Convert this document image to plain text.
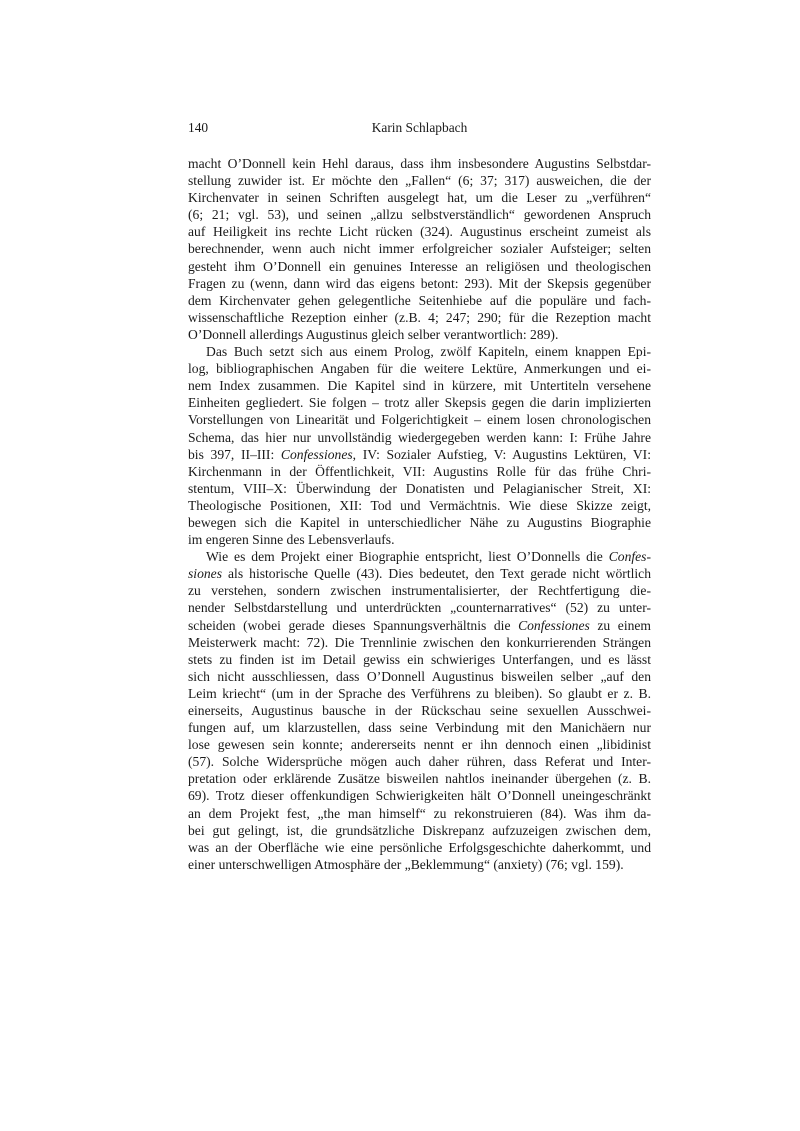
140	Karin Schlapbach

macht O’Donnell kein Hehl daraus, dass ihm insbesondere Augustins Selbstdar-
stellung zuwider ist. Er möchte den „Fallen“ (6; 37; 317) ausweichen, die der
Kirchenvater in seinen Schriften ausgelegt hat, um die Leser zu „verführen“
(6; 21; vgl. 53), und seinen „allzu selbstverständlich“ gewordenen Anspruch
auf Heiligkeit ins rechte Licht rücken (324). Augustinus erscheint zumeist als
berechnender, wenn auch nicht immer erfolgreicher sozialer Aufsteiger; selten
gesteht ihm O’Donnell ein genuines Interesse an religiösen und theologischen
Fragen zu (wenn, dann wird das eigens betont: 293). Mit der Skepsis gegenüber
dem Kirchenvater gehen gelegentliche Seitenhiebe auf die populäre und fach-
wissenschaftliche Rezeption einher (z.B. 4; 247; 290; für die Rezeption macht
O’Donnell allerdings Augustinus gleich selber verantwortlich: 289).

Das Buch setzt sich aus einem Prolog, zwölf Kapiteln, einem knappen Epi-
log, bibliographischen Angaben für die weitere Lektüre, Anmerkungen und ei-
nem Index zusammen. Die Kapitel sind in kürzere, mit Untertiteln versehene
Einheiten gegliedert. Sie folgen – trotz aller Skepsis gegen die darin implizierten
Vorstellungen von Linearität und Folgerichtigkeit – einem losen chronologischen
Schema, das hier nur unvollständig wiedergegeben werden kann: I: Frühe Jahre
bis 397, II–III: Confessiones, IV: Sozialer Aufstieg, V: Augustins Lektüren, VI:
Kirchenmann in der Öffentlichkeit, VII: Augustins Rolle für das frühe Chri-
stentum, VIII–X: Überwindung der Donatisten und Pelagianischer Streit, XI:
Theologische Positionen, XII: Tod und Vermächtnis. Wie diese Skizze zeigt,
bewegen sich die Kapitel in unterschiedlicher Nähe zu Augustins Biographie
im engeren Sinne des Lebensverlaufs.

Wie es dem Projekt einer Biographie entspricht, liest O’Donnells die Confes-
siones als historische Quelle (43). Dies bedeutet, den Text gerade nicht wörtlich
zu verstehen, sondern zwischen instrumentalisierter, der Rechtfertigung die-
nender Selbstdarstellung und unterdrückten „counternarratives“ (52) zu unter-
scheiden (wobei gerade dieses Spannungsverhältnis die Confessiones zu einem
Meisterwerk macht: 72). Die Trennlinie zwischen den konkurrierenden Strängen
stets zu finden ist im Detail gewiss ein schwieriges Unterfangen, und es lässt
sich nicht ausschliessen, dass O’Donnell Augustinus bisweilen selber „auf den
Leim kriecht“ (um in der Sprache des Verführens zu bleiben). So glaubt er z. B.
einerseits, Augustinus bausche in der Rückschau seine sexuellen Ausschwei-
fungen auf, um klarzustellen, dass seine Verbindung mit den Manichäern nur
lose gewesen sein konnte; andererseits nennt er ihn dennoch einen „libidinist
(57). Solche Widersprüche mögen auch daher rühren, dass Referat und Inter-
pretation oder erklärende Zusätze bisweilen nahtlos ineinander übergehen (z. B.
69). Trotz dieser offenkundigen Schwierigkeiten hält O’Donnell uneingeschränkt
an dem Projekt fest, „the man himself“ zu rekonstruieren (84). Was ihm da-
bei gut gelingt, ist, die grundsätzliche Diskrepanz aufzuzeigen zwischen dem,
was an der Oberfläche wie eine persönliche Erfolgsgeschichte daherkommt, und
einer unterschwelligen Atmosphäre der „Beklemmung“ (anxiety) (76; vgl. 159).
